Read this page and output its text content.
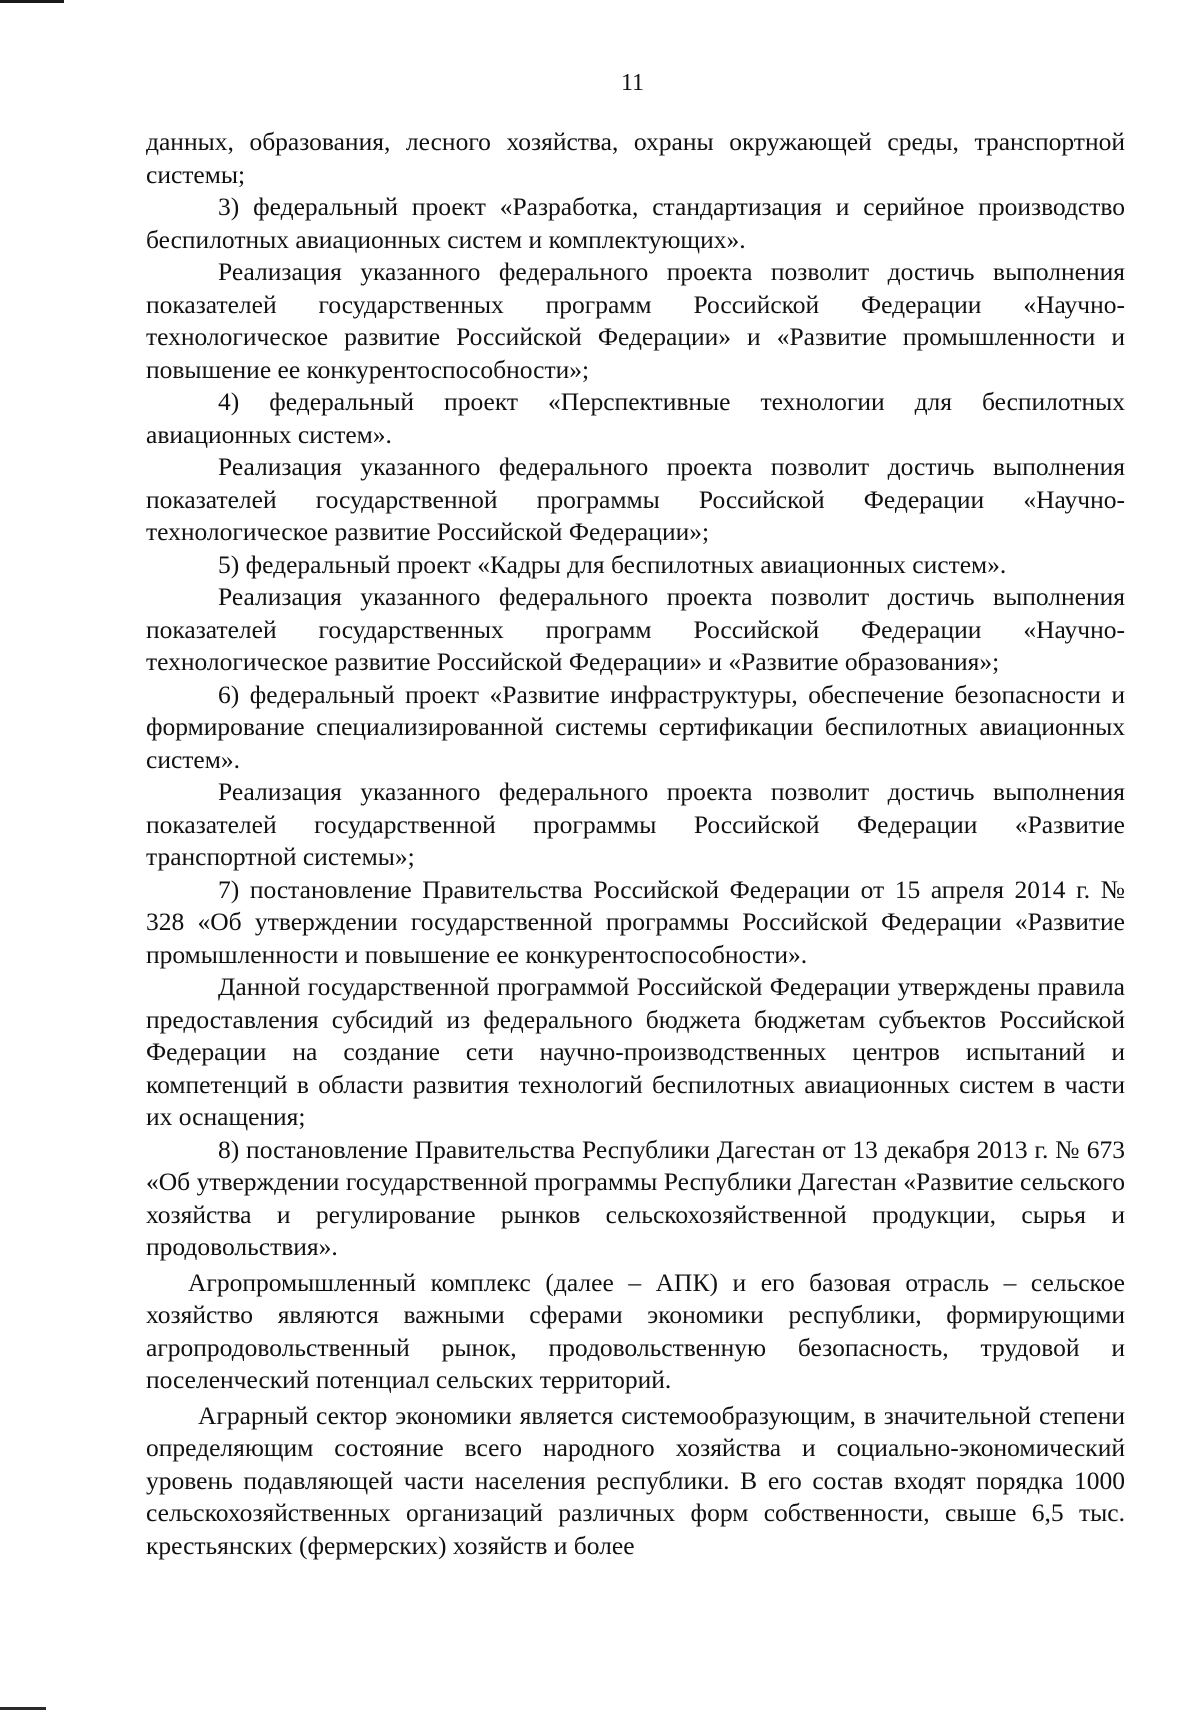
11

данных, образования, лесного хозяйства, охраны окружающей среды, транспортной системы;

3) федеральный проект «Разработка, стандартизация и серийное производство беспилотных авиационных систем и комплектующих».

Реализация указанного федерального проекта позволит достичь выполнения показателей государственных программ Российской Федерации «Научно-технологическое развитие Российской Федерации» и «Развитие промышленности и повышение ее конкурентоспособности»;

4) федеральный проект «Перспективные технологии для беспилотных авиационных систем».

Реализация указанного федерального проекта позволит достичь выполнения показателей государственной программы Российской Федерации «Научно-технологическое развитие Российской Федерации»;

5) федеральный проект «Кадры для беспилотных авиационных систем».

Реализация указанного федерального проекта позволит достичь выполнения показателей государственных программ Российской Федерации «Научно-технологическое развитие Российской Федерации» и «Развитие образования»;

6) федеральный проект «Развитие инфраструктуры, обеспечение безопасности и формирование специализированной системы сертификации беспилотных авиационных систем».

Реализация указанного федерального проекта позволит достичь выполнения показателей государственной программы Российской Федерации «Развитие транспортной системы»;

7) постановление Правительства Российской Федерации от 15 апреля 2014 г. № 328 «Об утверждении государственной программы Российской Федерации «Развитие промышленности и повышение ее конкурентоспособности».

Данной государственной программой Российской Федерации утверждены правила предоставления субсидий из федерального бюджета бюджетам субъектов Российской Федерации на создание сети научно-производственных центров испытаний и компетенций в области развития технологий беспилотных авиационных систем в части их оснащения;

8) постановление Правительства Республики Дагестан от 13 декабря 2013 г. № 673 «Об утверждении государственной программы Республики Дагестан «Развитие сельского хозяйства и регулирование рынков сельскохозяйственной продукции, сырья и продовольствия».

Агропромышленный комплекс (далее – АПК) и его базовая отрасль – сельское хозяйство являются важными сферами экономики республики, формирующими агропродовольственный рынок, продовольственную безопасность, трудовой и поселенческий потенциал сельских территорий.

Аграрный сектор экономики является системообразующим, в значительной степени определяющим состояние всего народного хозяйства и социально-экономический уровень подавляющей части населения республики. В его состав входят порядка 1000 сельскохозяйственных организаций различных форм собственности, свыше 6,5 тыс. крестьянских (фермерских) хозяйств и более
